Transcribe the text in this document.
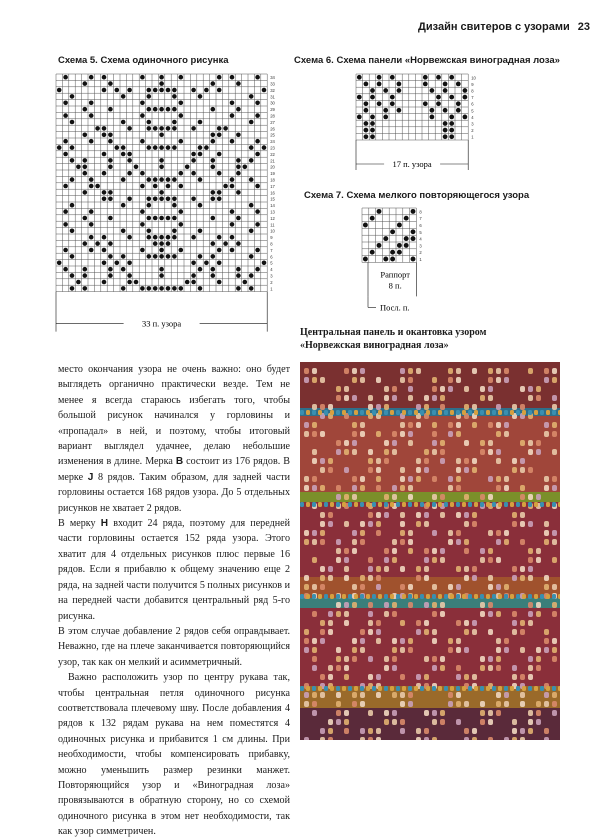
Дизайн свитеров с узорами 23
Схема 5. Схема одиночного рисунка
34
33
32
31
30
29
28
27
26
25
24
23
22
21
20
19
18
17
16
15
14
13
12
11
10
9
8
7
6
5
4
3
2
1
33 п. узора
Схема 6. Схема панели «Норвежская виноградная лоза»
10
9
8
7
6
5
4
3
2
1
17 п. узора
Схема 7. Схема мелкого повторяющегося узора
8
7
6
5
4
3
2
1
Раппорт
8 п.
Посл. п.
Центральная панель и окантовка узором
«Норвежская виноградная лоза»

место окончания узора не очень важно: оно будет выглядеть органично практически везде. Тем не менее я всегда стараюсь избегать того, чтобы большой рисунок начинался у горловины и «пропадал» в ней, и поэтому, чтобы итоговый вариант выглядел удачнее, делаю небольшие изменения в длине. Мерка B состоит из 176 рядов. В мерке J 8 рядов. Таким образом, для задней части горловины остается 168 рядов узора. До 5 отдельных рисунков не хватает 2 рядов.

В мерку H входит 24 ряда, поэтому для передней части горловины остается 152 ряда узора. Этого хватит для 4 отдельных рисунков плюс первые 16 рядов. Если я прибавлю к общему значению еще 2 ряда, на задней части получится 5 полных рисунков и на передней части добавится центральный ряд 5-го рисунка.

В этом случае добавление 2 рядов себя оправдывает. Неважно, где на плече заканчивается повторяющийся узор, так как он мелкий и асимметричный.

Важно расположить узор по центру рукава так, чтобы центральная петля одиночного рисунка соответствовала плечевому шву. После добавления 4 рядов к 132 рядам рукава на нем поместятся 4 одиночных рисунка и прибавится 1 см длины. При необходимости, чтобы компенсировать прибавку, можно уменьшить размер резинки манжет. Повторяющийся узор и «Виноградная лоза» провязываются в обратную сторону, но со схемой одиночного рисунка в этом нет необходимости, так как узор симметричен.
